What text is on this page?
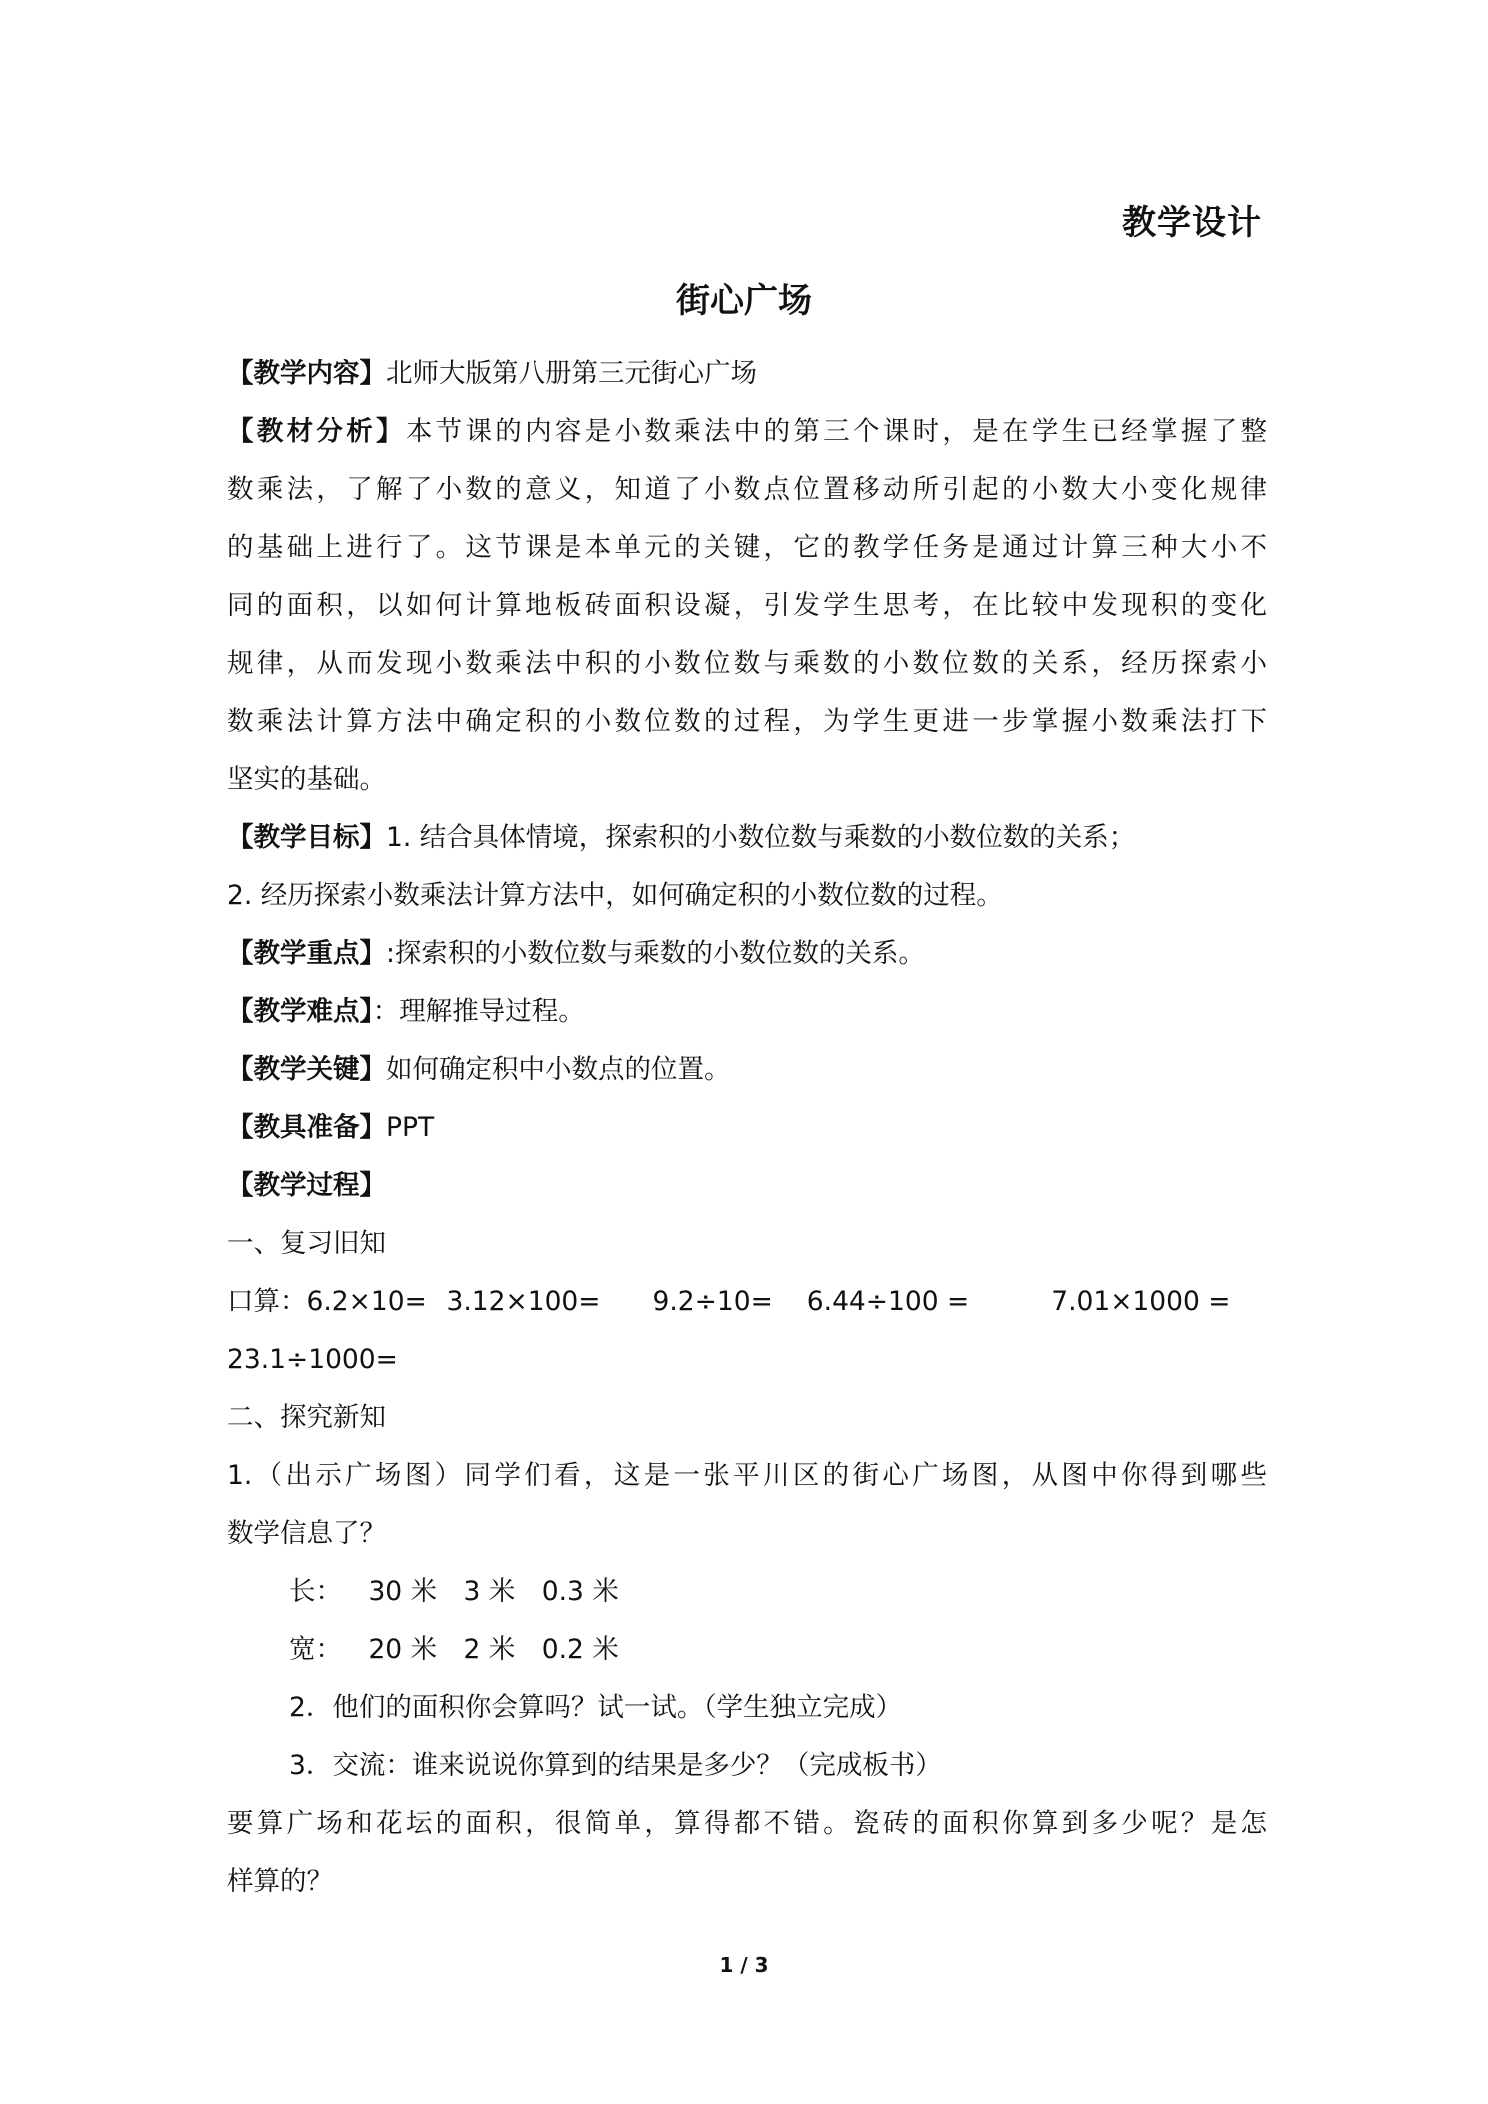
教学设计
街心广场
【教学内容】北师大版第八册第三元街心广场
【教材分析】本节课的内容是小数乘法中的第三个课时，是在学生已经掌握了整
数乘法，了解了小数的意义，知道了小数点位置移动所引起的小数大小变化规律
的基础上进行了。这节课是本单元的关键，它的教学任务是通过计算三种大小不
同的面积，以如何计算地板砖面积设凝，引发学生思考，在比较中发现积的变化
规律，从而发现小数乘法中积的小数位数与乘数的小数位数的关系，经历探索小
数乘法计算方法中确定积的小数位数的过程，为学生更进一步掌握小数乘法打下
坚实的基础。
【教学目标】1. 结合具体情境，探索积的小数位数与乘数的小数位数的关系；
2. 经历探索小数乘法计算方法中，如何确定积的小数位数的过程。
【教学重点】:探索积的小数位数与乘数的小数位数的关系。
【教学难点】：理解推导过程。
【教学关键】如何确定积中小数点的位置。
【教具准备】PPT
【教学过程】
一、复习旧知
口算：6.2×10= 3.12×100= 9.2÷10= 6.44÷100 =	7.01×1000 =
23.1÷1000=
二、探究新知
1.（出示广场图）同学们看，这是一张平川区的街心广场图，从图中你得到哪些
数学信息了？
长： 30 米 3 米 0.3 米
宽： 20 米 2 米 0.2 米
2．他们的面积你会算吗？试一试。（学生独立完成）
3．交流：谁来说说你算到的结果是多少？（完成板书）
要算广场和花坛的面积，很简单，算得都不错。瓷砖的面积你算到多少呢？是怎
样算的？
1 / 3
